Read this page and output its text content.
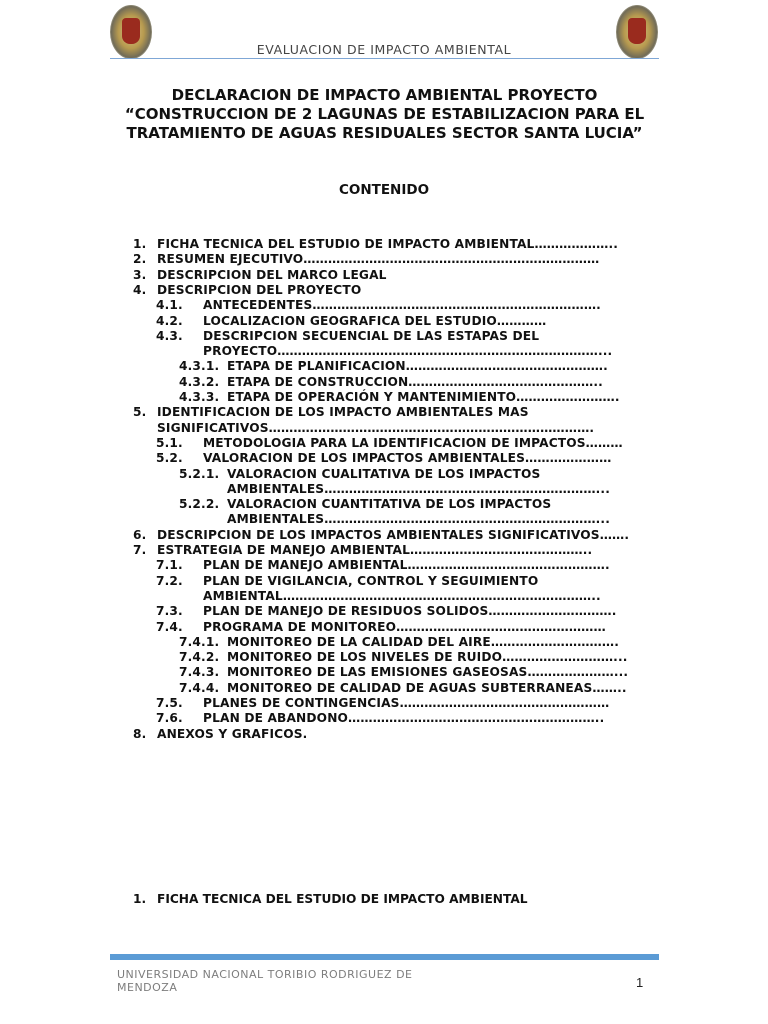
EVALUACION DE IMPACTO AMBIENTAL
DECLARACION DE IMPACTO AMBIENTAL PROYECTO
“CONSTRUCCION DE 2 LAGUNAS DE ESTABILIZACION PARA EL
TRATAMIENTO DE AGUAS RESIDUALES SECTOR SANTA LUCIA”
CONTENIDO
1. FICHA TECNICA DEL ESTUDIO DE IMPACTO AMBIENTAL………………..
2. RESUMEN EJECUTIVO………………………………………………………………
3. DESCRIPCION DEL MARCO LEGAL
4. DESCRIPCION DEL PROYECTO
4.1. ANTECEDENTES…………………………………………………………….
4.2. LOCALIZACION GEOGRAFICA DEL ESTUDIO…………
4.3. DESCRIPCION SECUENCIAL DE LAS ESTAPAS DEL
PROYECTO……………………………………………………………………...
4.3.1. ETAPA DE PLANIFICACION………………………………………….
4.3.2. ETAPA DE CONSTRUCCION………………………………………..
4.3.3. ETAPA DE OPERACIÓN Y MANTENIMIENTO…………………….
5. IDENTIFICACION DE LOS IMPACTO AMBIENTALES MAS
SIGNIFICATIVOS…………………………………………………………………….
5.1. METODOLOGIA PARA LA IDENTIFICACION DE IMPACTOS………
5.2. VALORACION DE LOS IMPACTOS AMBIENTALES…………………
5.2.1. VALORACION CUALITATIVA DE LOS IMPACTOS
AMBIENTALES…………………………………………………………...
5.2.2. VALORACION CUANTITATIVA DE LOS IMPACTOS
AMBIENTALES…………………………………………………………...
6. DESCRIPCION DE LOS IMPACTOS AMBIENTALES SIGNIFICATIVOS…….
7. ESTRATEGIA DE MANEJO AMBIENTAL……………………………………..
7.1. PLAN DE MANEJO AMBIENTAL………………………………………….
7.2. PLAN DE VIGILANCIA, CONTROL Y SEGUIMIENTO
AMBIENTAL…………………………………………………………………..
7.3. PLAN DE MANEJO DE RESIDUOS SOLIDOS………………………….
7.4. PROGRAMA DE MONITOREO……………………………………………
7.4.1. MONITOREO DE LA CALIDAD DEL AIRE………………………….
7.4.2. MONITOREO DE LOS NIVELES DE RUIDO………………………...
7.4.3. MONITOREO DE LAS EMISIONES GASEOSAS…………………...
7.4.4. MONITOREO DE CALIDAD DE AGUAS SUBTERRANEAS……..
7.5. PLANES DE CONTINGENCIAS……………………………………………
7.6. PLAN DE ABANDONO……………………………………………………..
8. ANEXOS Y GRAFICOS.
1. FICHA TECNICA DEL ESTUDIO DE IMPACTO AMBIENTAL
UNIVERSIDAD NACIONAL TORIBIO RODRIGUEZ DE MENDOZA	1
